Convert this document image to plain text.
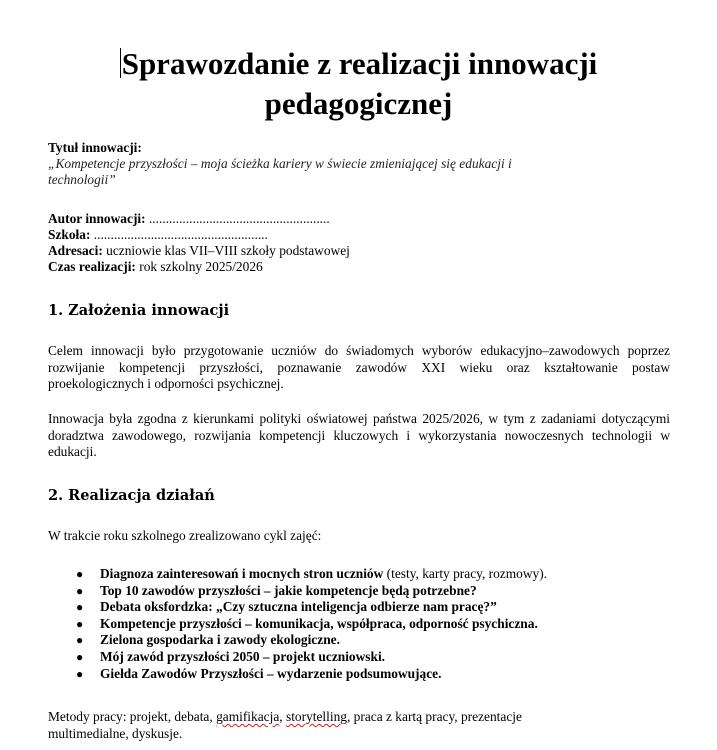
Sprawozdanie z realizacji innowacji
pedagogicznej
Tytuł innowacji:
„Kompetencje przyszłości – moja ścieżka kariery w świecie zmieniającej się edukacji i
technologii”
Autor innowacji: ......................................................
Szkoła: ....................................................
Adresaci: uczniowie klas VII–VIII szkoły podstawowej
Czas realizacji: rok szkolny 2025/2026
1. Założenia innowacji

Celem innowacji było przygotowanie uczniów do świadomych wyborów edukacyjno–zawodowych poprzez rozwijanie kompetencji przyszłości, poznawanie zawodów XXI wieku oraz kształtowanie postaw proekologicznych i odporności psychicznej.

Innowacja była zgodna z kierunkami polityki oświatowej państwa 2025/2026, w tym z zadaniami dotyczącymi doradztwa zawodowego, rozwijania kompetencji kluczowych i wykorzystania nowoczesnych technologii w edukacji.

2. Realizacja działań

W trakcie roku szkolnego zrealizowano cykl zajęć:

● Diagnoza zainteresowań i mocnych stron uczniów (testy, karty pracy, rozmowy).
● Top 10 zawodów przyszłości – jakie kompetencje będą potrzebne?
● Debata oksfordzka: „Czy sztuczna inteligencja odbierze nam pracę?”
● Kompetencje przyszłości – komunikacja, współpraca, odporność psychiczna.
● Zielona gospodarka i zawody ekologiczne.
● Mój zawód przyszłości 2050 – projekt uczniowski.
● Giełda Zawodów Przyszłości – wydarzenie podsumowujące.
Metody pracy: projekt, debata, gamifikacja, storytelling, praca z kartą pracy, prezentacje
multimedialne, dyskusje.
